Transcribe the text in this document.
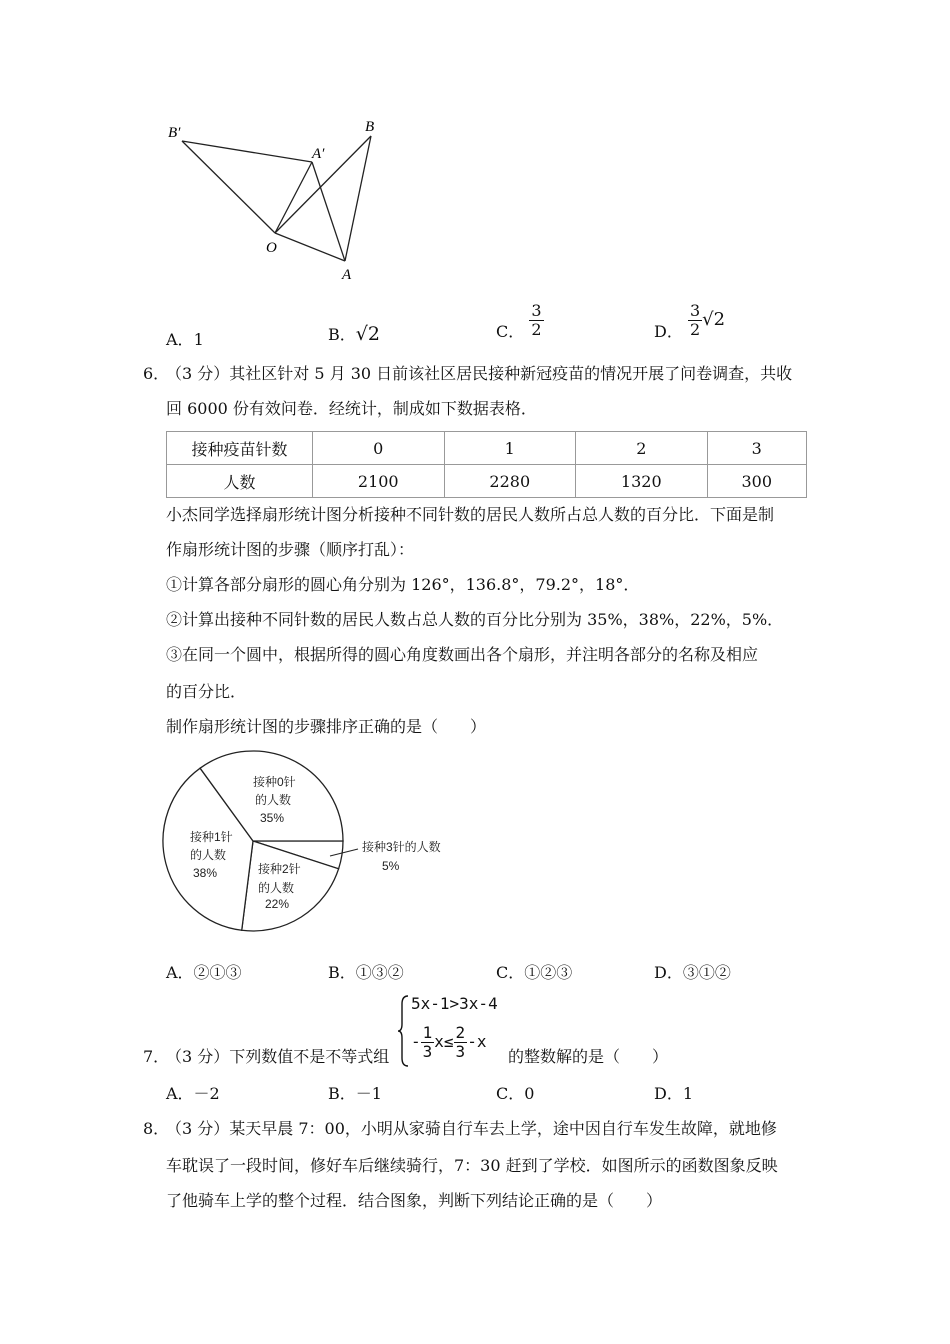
B′
A′
B
O
A
A．1	B．√2	C． $\frac{3}{2}$	D． $\frac{3}{2} √2$
6．
（3 分）其社区针对 5 月 30 日前该社区居民接种新冠疫苗的情况开展了问卷调查，共收
回 6000 份有效问卷．经统计，制成如下数据表格．
接种疫苗针数	0	1	2	3
人数	2100	2280	1320	300
小杰同学选择扇形统计图分析接种不同针数的居民人数所占总人数的百分比．下面是制
作扇形统计图的步骤（顺序打乱）：
①计算各部分扇形的圆心角分别为 126°，136.8°，79.2°，18°．
②计算出接种不同针数的居民人数占总人数的百分比分别为 35%，38%，22%，5%．
③在同一个圆中，根据所得的圆心角度数画出各个扇形，并注明各部分的名称及相应
的百分比．
制作扇形统计图的步骤排序正确的是（　　）
接种0针
的人数
35%
接种1针
的人数
38%	接种2针
的人数
22%
接种3针的人数
5%
A．②①③	B．①③②	C．①②③	D．③①②
7．
（3 分）下列数值不是不等式组
5x-1>3x-4
- $\frac{1}{3} x\le \frac{2}{3} -x$
的整数解的是（　　）
A．－2	B．－1	C．0	D．1
8．
（3 分）某天早晨 7：00，小明从家骑自行车去上学，途中因自行车发生故障，就地修
车耽误了一段时间，修好车后继续骑行，7：30 赶到了学校．如图所示的函数图象反映
了他骑车上学的整个过程．结合图象，判断下列结论正确的是（　　）
